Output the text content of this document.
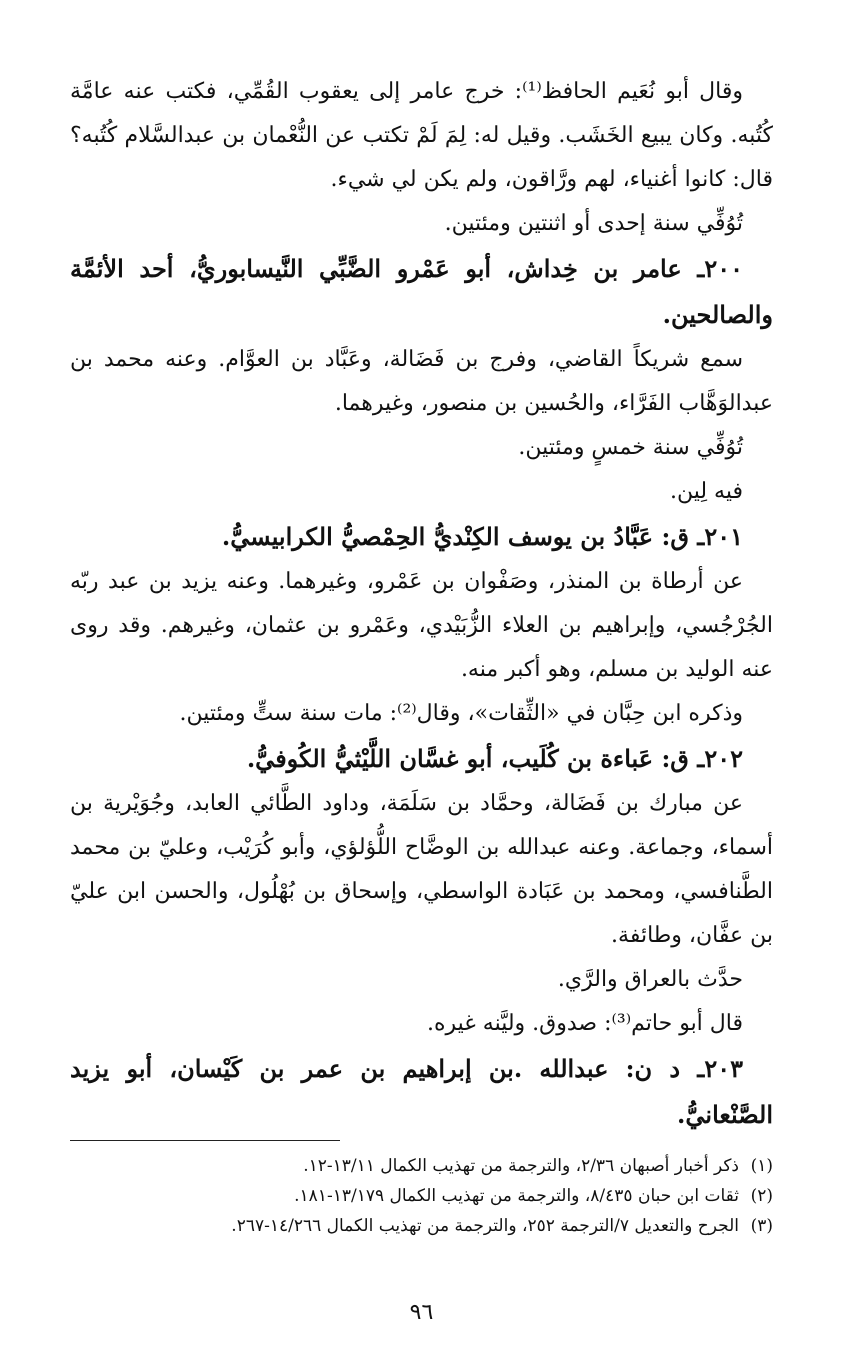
وقال أبو نُعَيم الحافظ⁽¹⁾: خرج عامر إلى يعقوب القُمِّي، فكتب عنه عامَّة كُتُبه. وكان يبيع الخَشَب. وقيل له: لِمَ لَمْ تكتب عن النُّعْمان بن عبدالسَّلام كُتُبه؟ قال: كانوا أغنياء، لهم ورَّاقون، ولم يكن لي شيء.

تُوُفِّي سنة إحدى أو اثنتين ومئتين.

٢٠٠ـ عامر بن خِداش، أبو عَمْرو الضَّبِّي النَّيسابوريُّ، أحد الأئمَّة والصالحين.

سمع شريكاً القاضي، وفرج بن فَضَالة، وعَبَّاد بن العوَّام. وعنه محمد بن عبدالوَهَّاب الفَرَّاء، والحُسين بن منصور، وغيرهما.

تُوُفِّي سنة خمسٍ ومئتين.

فيه لِين.

٢٠١ـ ق: عَبَّادُ بن يوسف الكِنْديُّ الحِمْصيُّ الكرابيسيُّ.

عن أرطاة بن المنذر، وصَفْوان بن عَمْرو، وغيرهما. وعنه يزيد بن عبد ربّه الجُرْجُسي، وإبراهيم بن العلاء الزُّبَيْدي، وعَمْرو بن عثمان، وغيرهم. وقد روى عنه الوليد بن مسلم، وهو أكبر منه.

وذكره ابن حِبَّان في «الثِّقات»، وقال⁽²⁾: مات سنة ستٍّ ومئتين.

٢٠٢ـ ق: عَباءة بن كُلَيب، أبو غسَّان اللَّيْثيُّ الكُوفيُّ.

عن مبارك بن فَضَالة، وحمَّاد بن سَلَمَة، وداود الطَّائي العابد، وجُوَيْرية بن أسماء، وجماعة. وعنه عبدالله بن الوضَّاح اللُّؤلؤي، وأبو كُرَيْب، وعليّ بن محمد الطَّنافسي، ومحمد بن عَبَادة الواسطي، وإسحاق بن بُهْلُول، والحسن ابن عليّ بن عفَّان، وطائفة.

حدَّث بالعراق والرَّي.

قال أبو حاتم⁽³⁾: صدوق. وليَّنه غيره.

٢٠٣ـ د ن: عبدالله .بن إبراهيم بن عمر بن كَيْسان، أبو يزيد الصَّنْعانيُّ.

(١)ذكر أخبار أصبهان ٢/٣٦، والترجمة من تهذيب الكمال ١٣/١١-١٢.

(٢)ثقات ابن حبان ٨/٤٣٥، والترجمة من تهذيب الكمال ١٣/١٧٩-١٨١.

(٣)الجرح والتعديل ٧/الترجمة ٢٥٢، والترجمة من تهذيب الكمال ١٤/٢٦٦-٢٦٧.

٩٦
